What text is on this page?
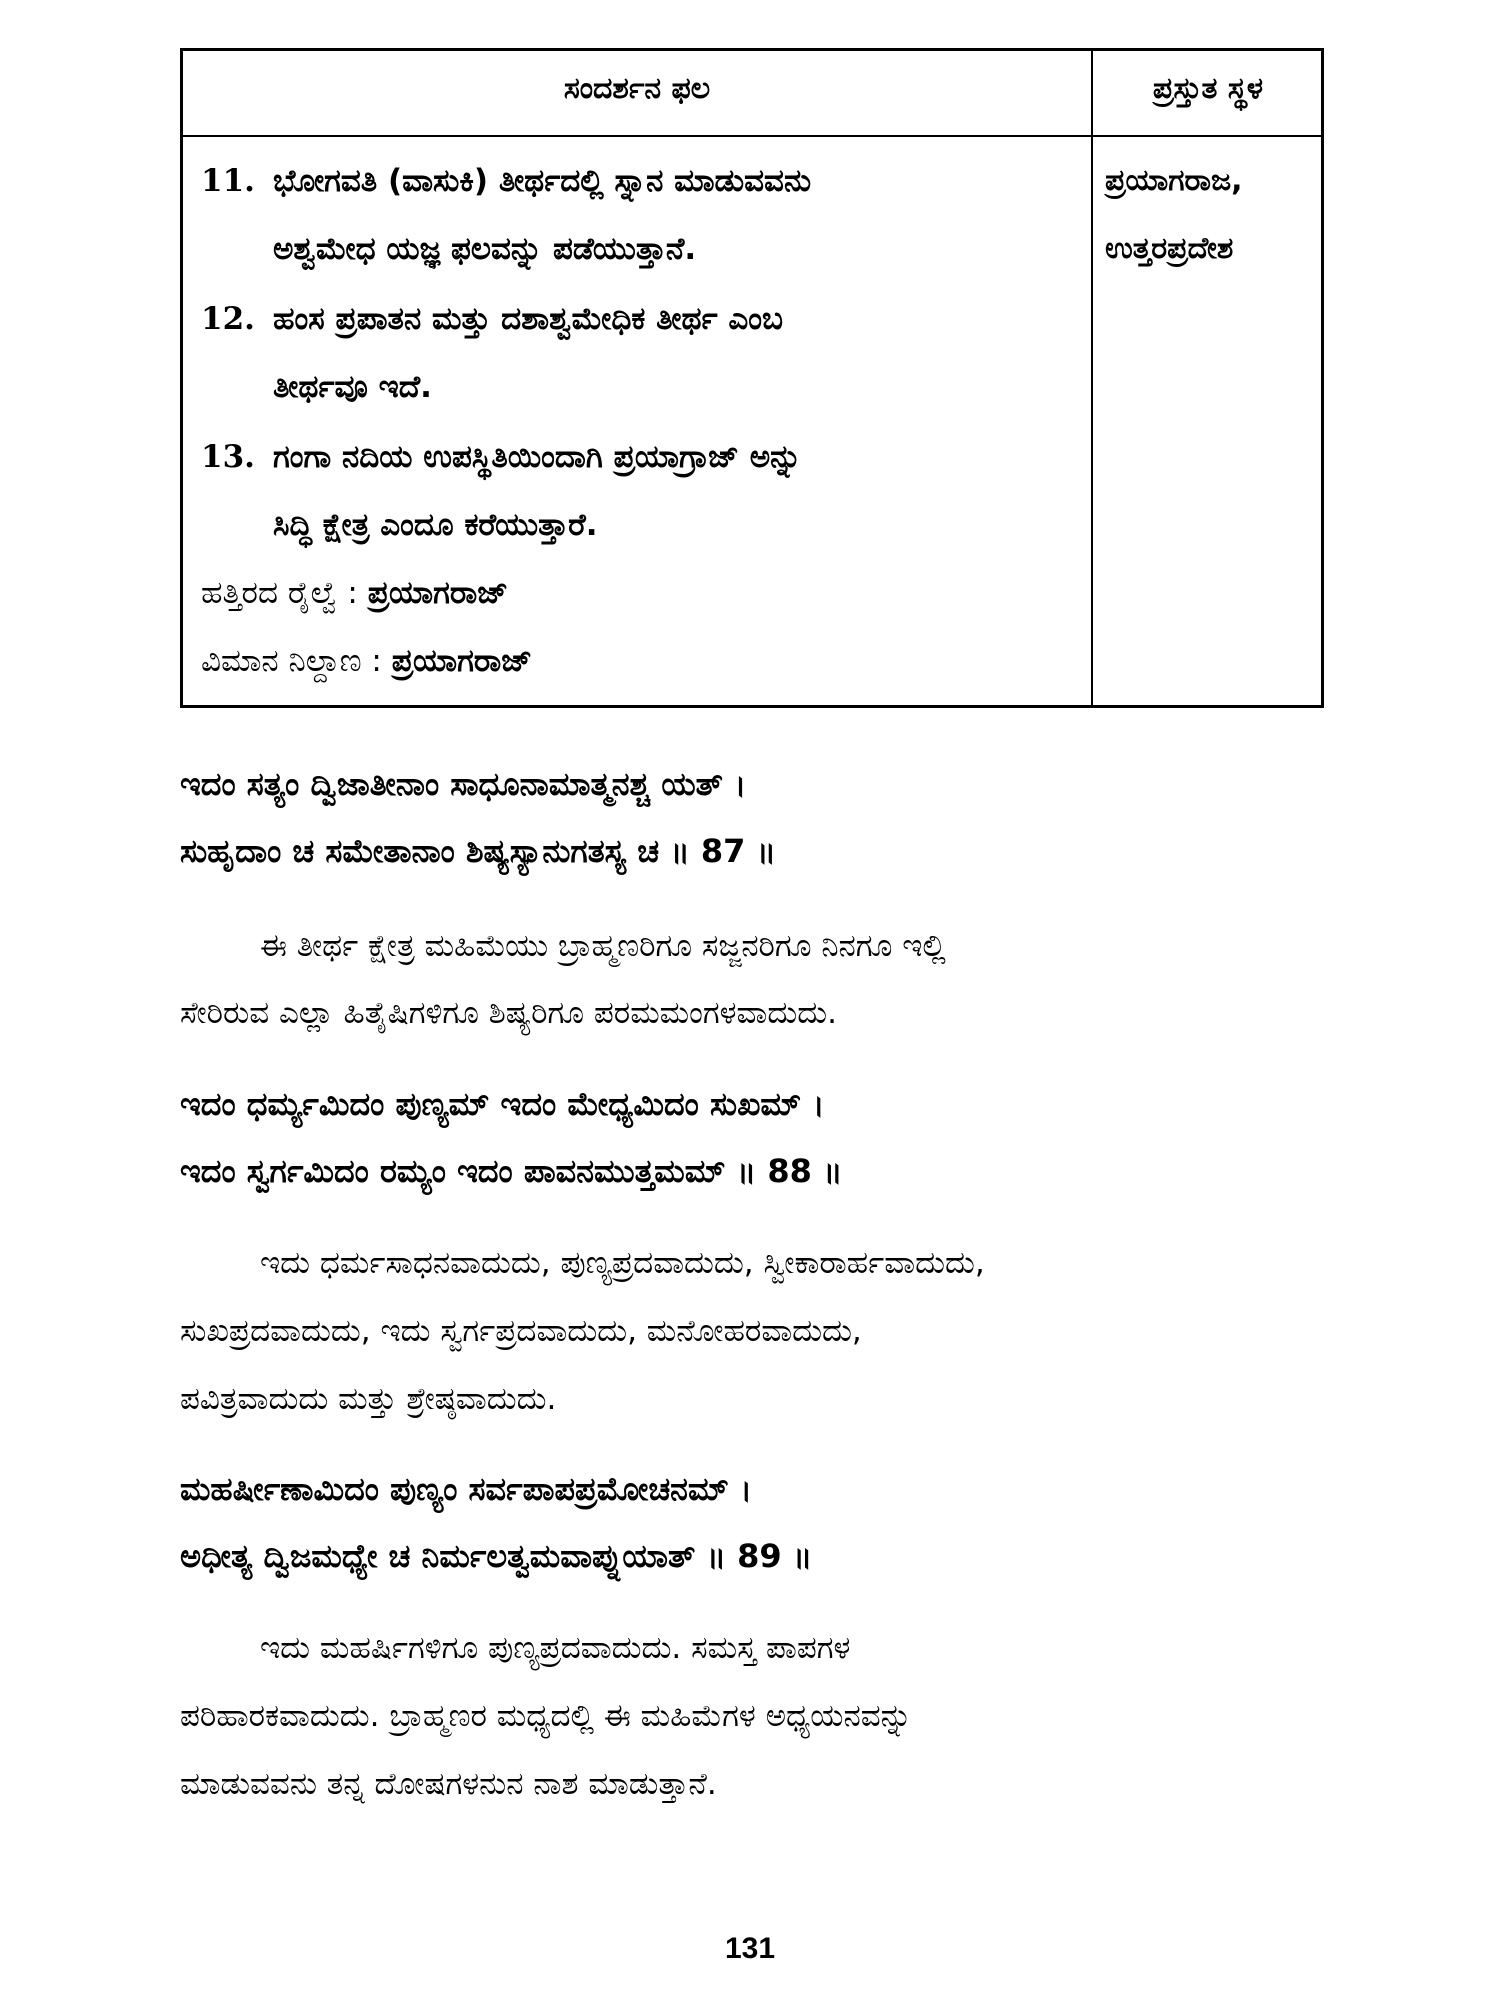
ಸಂದರ್ಶನ ಫಲ	ಪ್ರಸ್ತುತ ಸ್ಥಳ
11. ಭೋಗವತಿ (ವಾಸುಕಿ) ತೀರ್ಥದಲ್ಲಿ ಸ್ನಾನ ಮಾಡುವವನು
ಅಶ್ವಮೇಧ ಯಜ್ಞ ಫಲವನ್ನು ಪಡೆಯುತ್ತಾನೆ.
12. ಹಂಸ ಪ್ರಪಾತನ ಮತ್ತು ದಶಾಶ್ವಮೇಧಿಕ ತೀರ್ಥ ಎಂಬ
ತೀರ್ಥವೂ ಇದೆ.
13. ಗಂಗಾ ನದಿಯ ಉಪಸ್ಥಿತಿಯಿಂದಾಗಿ ಪ್ರಯಾಗ್ರಾಜ್ ಅನ್ನು
ಸಿದ್ಧಿ ಕ್ಷೇತ್ರ ಎಂದೂ ಕರೆಯುತ್ತಾರೆ.
ಹತ್ತಿರದ ರೈಲ್ವೆ : ಪ್ರಯಾಗರಾಜ್
ವಿಮಾನ ನಿಲ್ದಾಣ : ಪ್ರಯಾಗರಾಜ್
ಪ್ರಯಾಗರಾಜ,
ಉತ್ತರಪ್ರದೇಶ
ಇದಂ ಸತ್ಯಂ ದ್ವಿಜಾತೀನಾಂ ಸಾಧೂನಾಮಾತ್ಮನಶ್ಚ ಯತ್ ।
ಸುಹೃದಾಂ ಚ ಸಮೇತಾನಾಂ ಶಿಷ್ಯಸ್ಯಾನುಗತಸ್ಯ ಚ ॥ 87 ॥
ಈ ತೀರ್ಥ ಕ್ಷೇತ್ರ ಮಹಿಮೆಯು ಬ್ರಾಹ್ಮಣರಿಗೂ ಸಜ್ಜನರಿಗೂ ನಿನಗೂ ಇಲ್ಲಿ
ಸೇರಿರುವ ಎಲ್ಲಾ ಹಿತೈಷಿಗಳಿಗೂ ಶಿಷ್ಯರಿಗೂ ಪರಮಮಂಗಳವಾದುದು.
ಇದಂ ಧರ್ಮ್ಯಮಿದಂ ಪುಣ್ಯಮ್ ಇದಂ ಮೇಧ್ಯಮಿದಂ ಸುಖಮ್ ।
ಇದಂ ಸ್ವರ್ಗಮಿದಂ ರಮ್ಯಂ ಇದಂ ಪಾವನಮುತ್ತಮಮ್ ॥ 88 ॥
ಇದು ಧರ್ಮಸಾಧನವಾದುದು, ಪುಣ್ಯಪ್ರದವಾದುದು, ಸ್ವೀಕಾರಾರ್ಹವಾದುದು,
ಸುಖಪ್ರದವಾದುದು, ಇದು ಸ್ವರ್ಗಪ್ರದವಾದುದು, ಮನೋಹರವಾದುದು,
ಪವಿತ್ರವಾದುದು ಮತ್ತು ಶ್ರೇಷ್ಠವಾದುದು.
ಮಹರ್ಷೀಣಾಮಿದಂ ಪುಣ್ಯಂ ಸರ್ವಪಾಪಪ್ರಮೋಚನಮ್ ।
ಅಧೀತ್ಯ ದ್ವಿಜಮಧ್ಯೇ ಚ ನಿರ್ಮಲತ್ವಮವಾಪ್ನುಯಾತ್ ॥ 89 ॥
ಇದು ಮಹರ್ಷಿಗಳಿಗೂ ಪುಣ್ಯಪ್ರದವಾದುದು. ಸಮಸ್ತ ಪಾಪಗಳ
ಪರಿಹಾರಕವಾದುದು. ಬ್ರಾಹ್ಮಣರ ಮಧ್ಯದಲ್ಲಿ ಈ ಮಹಿಮೆಗಳ ಅಧ್ಯಯನವನ್ನು
ಮಾಡುವವನು ತನ್ನ ದೋಷಗಳನುನ ನಾಶ ಮಾಡುತ್ತಾನೆ.
131
